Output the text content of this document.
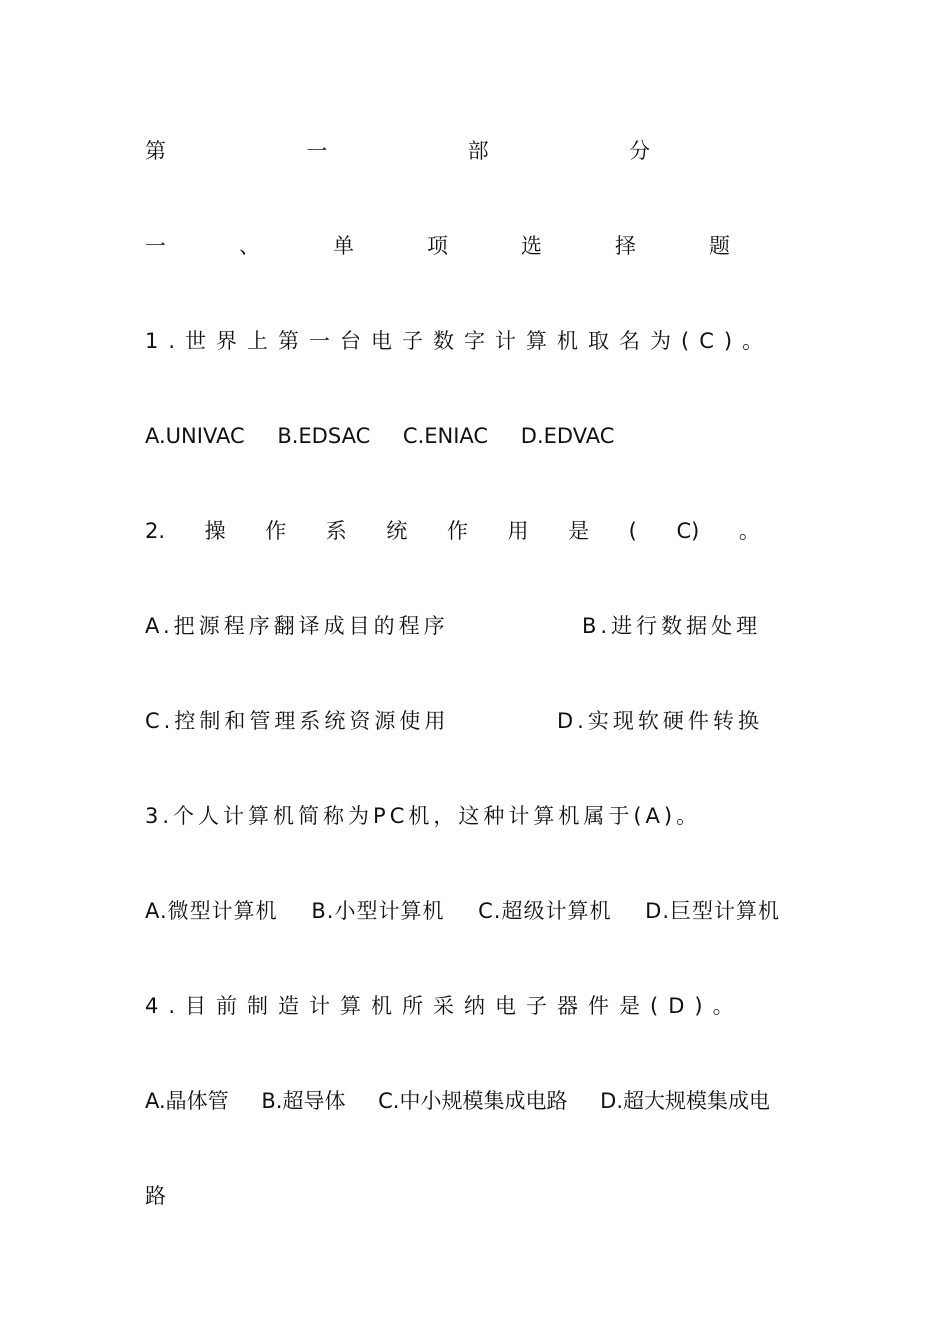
第	一	部	分
一	、	单	项	选	择	题
1.世界上第一台电子数字计算机取名为(C)。
A.UNIVAC B.EDSAC C.ENIAC D.EDVAC
2. 操 作 系 统 作 用 是 ( C) 。
A.把源程序翻译成目的程序	B.进行数据处理
C.控制和管理系统资源使用	D.实现软硬件转换
3.个人计算机简称为PC机，这种计算机属于(A)。
A.微型计算机 B.小型计算机 C.超级计算机 D.巨型计算机
4.目前制造计算机所采纳电子器件是(D)。
A.晶体管 B.超导体 C.中小规模集成电路 D.超大规模集成电
路
